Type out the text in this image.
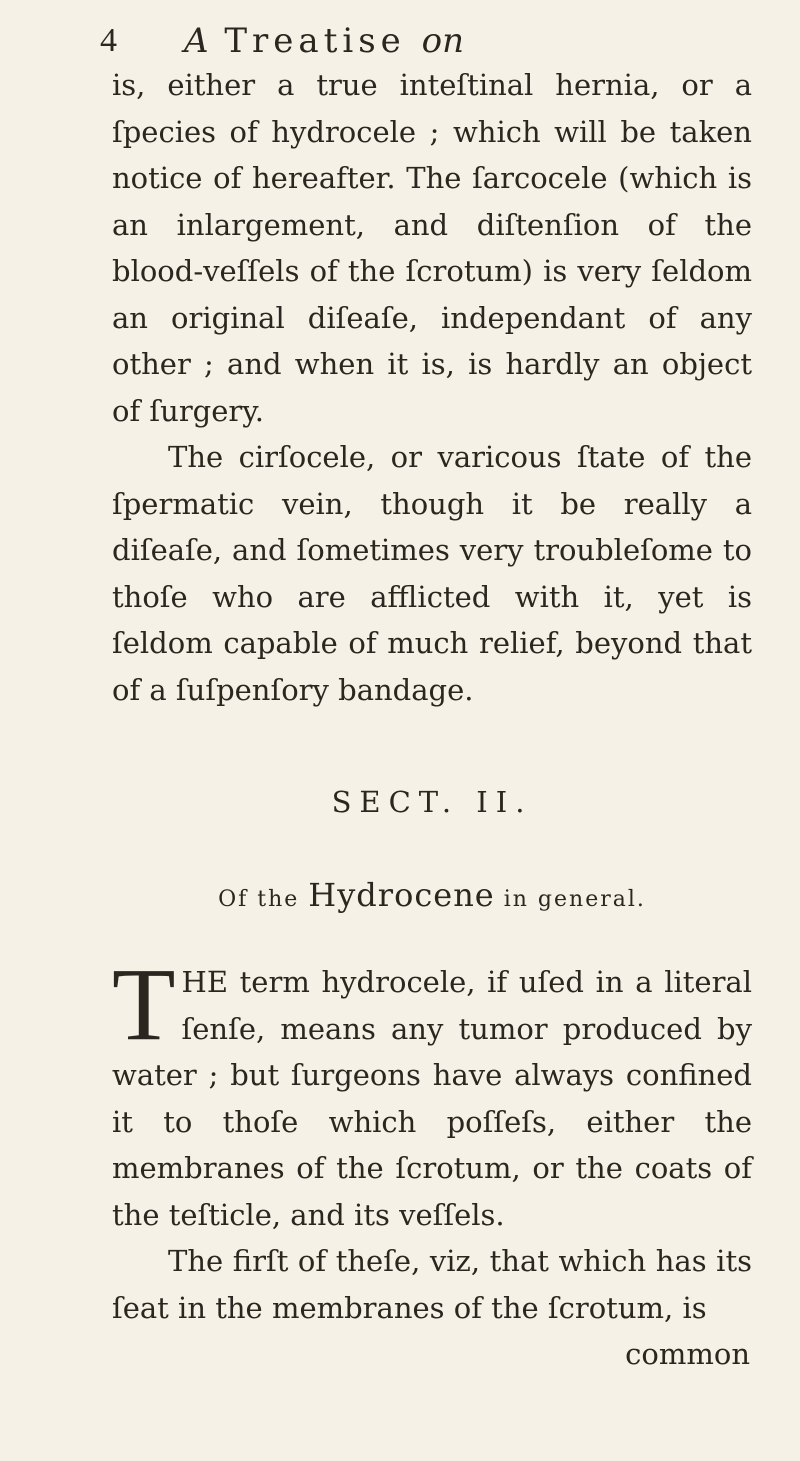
4 A Treatise on

is, either a true inteſtinal hernia, or a ſpecies of hydrocele ; which will be taken notice of hereafter. The ſarcocele (which is an inlargement, and diſtenſion of the blood-veſſels of the ſcrotum) is very ſeldom an original diſeaſe, independant of any other ; and when it is, is hardly an object of ſurgery.

The cirſocele, or varicous ſtate of the ſpermatic vein, though it be really a diſeaſe, and ſometimes very troubleſome to thoſe who are afflicted with it, yet is ſeldom capable of much relief, beyond that of a ſuſpenſory bandage.

SECT. II.
Of the Hydrocene in general.

THE term hydrocele, if uſed in a literal ſenſe, means any tumor produced by water ; but ſurgeons have always confined it to thoſe which poſſeſs, either the membranes of the ſcrotum, or the coats of the teſticle, and its veſſels.

The firſt of theſe, viz, that which has its ſeat in the membranes of the ſcrotum, is

common
